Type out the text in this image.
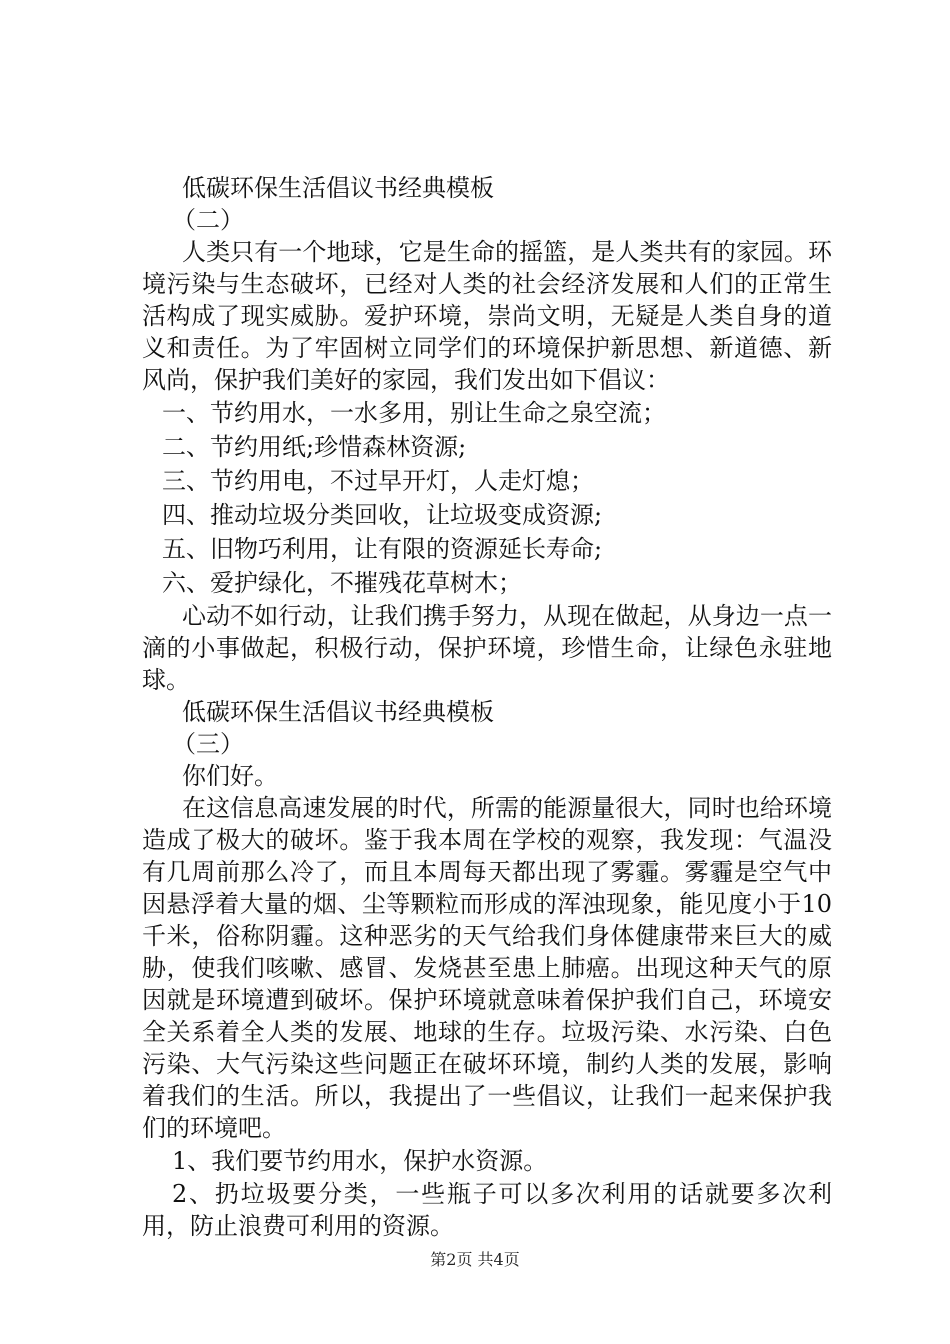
低碳环保生活倡议书经典模板
（二）

人类只有一个地球，它是生命的摇篮，是人类共有的家园。环境污染与生态破坏，已经对人类的社会经济发展和人们的正常生活构成了现实威胁。爱护环境，崇尚文明，无疑是人类自身的道义和责任。为了牢固树立同学们的环境保护新思想、新道德、新风尚，保护我们美好的家园，我们发出如下倡议：

一、节约用水，一水多用，别让生命之泉空流；
二、节约用纸;珍惜森林资源;
三、节约用电，不过早开灯，人走灯熄；
四、推动垃圾分类回收，让垃圾变成资源;
五、旧物巧利用，让有限的资源延长寿命;
六、爱护绿化，不摧残花草树木；

心动不如行动，让我们携手努力，从现在做起，从身边一点一滴的小事做起，积极行动，保护环境，珍惜生命，让绿色永驻地球。

低碳环保生活倡议书经典模板
（三）
你们好。

在这信息高速发展的时代，所需的能源量很大，同时也给环境造成了极大的破坏。鉴于我本周在学校的观察，我发现：气温没有几周前那么冷了，而且本周每天都出现了雾霾。雾霾是空气中因悬浮着大量的烟、尘等颗粒而形成的浑浊现象，能见度小于10千米，俗称阴霾。这种恶劣的天气给我们身体健康带来巨大的威胁，使我们咳嗽、感冒、发烧甚至患上肺癌。出现这种天气的原因就是环境遭到破坏。保护环境就意味着保护我们自己，环境安全关系着全人类的发展、地球的生存。垃圾污染、水污染、白色污染、大气污染这些问题正在破坏环境，制约人类的发展，影响着我们的生活。所以，我提出了一些倡议，让我们一起来保护我们的环境吧。

1、我们要节约用水，保护水资源。

2、扔垃圾要分类，一些瓶子可以多次利用的话就要多次利用，防止浪费可利用的资源。

第2页 共4页
